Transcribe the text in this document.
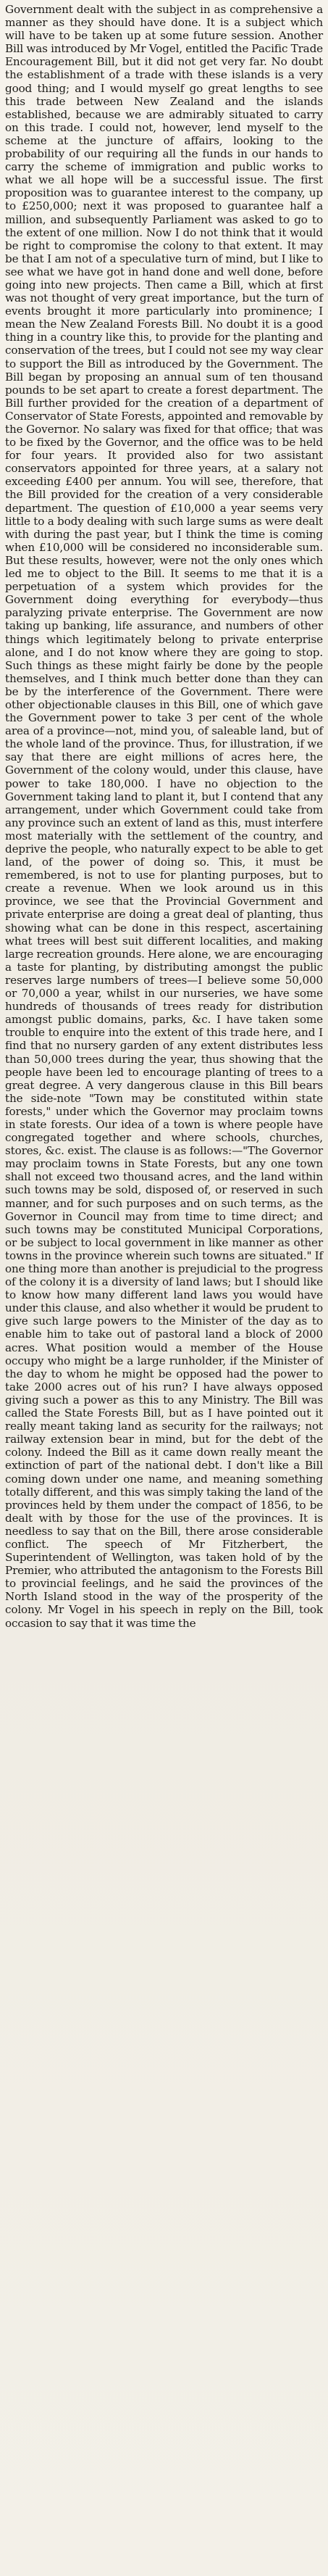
Government dealt with the subject in as comprehensive a manner as they should have done. It is a subject which will have to be taken up at some future session. Another Bill was introduced by Mr Vogel, entitled the Pacific Trade Encouragement Bill, but it did not get very far. No doubt the establishment of a trade with these islands is a very good thing; and I would myself go great lengths to see this trade between New Zealand and the islands established, because we are admirably situated to carry on this trade. I could not, however, lend myself to the scheme at the juncture of affairs, looking to the probability of our requiring all the funds in our hands to carry the scheme of immigration and public works to what we all hope will be a successful issue. The first proposition was to guarantee interest to the company, up to £250,000; next it was proposed to guarantee half a million, and subsequently Parliament was asked to go to the extent of one million. Now I do not think that it would be right to compromise the colony to that extent. It may be that I am not of a speculative turn of mind, but I like to see what we have got in hand done and well done, before going into new projects. Then came a Bill, which at first was not thought of very great importance, but the turn of events brought it more particularly into prominence; I mean the New Zealand Forests Bill. No doubt it is a good thing in a country like this, to provide for the planting and conservation of the trees, but I could not see my way clear to support the Bill as introduced by the Government. The Bill began by proposing an annual sum of ten thousand pounds to be set apart to create a forest department. The Bill further provided for the creation of a department of Conservator of State Forests, appointed and removable by the Governor. No salary was fixed for that office; that was to be fixed by the Governor, and the office was to be held for four years. It provided also for two assistant conservators appointed for three years, at a salary not exceeding £400 per annum. You will see, therefore, that the Bill provided for the creation of a very considerable department. The question of £10,000 a year seems very little to a body dealing with such large sums as were dealt with during the past year, but I think the time is coming when £10,000 will be considered no inconsiderable sum. But these results, however, were not the only ones which led me to object to the Bill. It seems to me that it is a perpetuation of a system which provides for the Government doing everything for everybody—thus paralyzing private enterprise. The Government are now taking up banking, life assurance, and numbers of other things which legitimately belong to private enterprise alone, and I do not know where they are going to stop. Such things as these might fairly be done by the people themselves, and I think much better done than they can be by the interference of the Government. There were other objectionable clauses in this Bill, one of which gave the Government power to take 3 per cent of the whole area of a province—not, mind you, of saleable land, but of the whole land of the province. Thus, for illustration, if we say that there are eight millions of acres here, the Government of the colony would, under this clause, have power to take 180,000. I have no objection to the Government taking land to plant it, but I contend that any arrangement, under which Government could take from any province such an extent of land as this, must interfere most materially with the settlement of the country, and deprive the people, who naturally expect to be able to get land, of the power of doing so. This, it must be remembered, is not to use for planting purposes, but to create a revenue. When we look around us in this province, we see that the Provincial Government and private enterprise are doing a great deal of planting, thus showing what can be done in this respect, ascertaining what trees will best suit different localities, and making large recreation grounds. Here alone, we are encouraging a taste for planting, by distributing amongst the public reserves large numbers of trees—I believe some 50,000 or 70,000 a year, whilst in our nurseries, we have some hundreds of thousands of trees ready for distribution amongst public domains, parks, &c. I have taken some trouble to enquire into the extent of this trade here, and I find that no nursery garden of any extent distributes less than 50,000 trees during the year, thus showing that the people have been led to encourage planting of trees to a great degree. A very dangerous clause in this Bill bears the side-note "Town may be constituted within state forests," under which the Governor may proclaim towns in state forests. Our idea of a town is where people have congregated together and where schools, churches, stores, &c. exist. The clause is as follows:—"The Governor may proclaim towns in State Forests, but any one town shall not exceed two thousand acres, and the land within such towns may be sold, disposed of, or reserved in such manner, and for such purposes and on such terms, as the Governor in Council may from time to time direct; and such towns may be constituted Municipal Corporations, or be subject to local government in like manner as other towns in the province wherein such towns are situated." If one thing more than another is prejudicial to the progress of the colony it is a diversity of land laws; but I should like to know how many different land laws you would have under this clause, and also whether it would be prudent to give such large powers to the Minister of the day as to enable him to take out of pastoral land a block of 2000 acres. What position would a member of the House occupy who might be a large runholder, if the Minister of the day to whom he might be opposed had the power to take 2000 acres out of his run? I have always opposed giving such a power as this to any Ministry. The Bill was called the State Forests Bill, but as I have pointed out it really meant taking land as security for the railways; not railway extension bear in mind, but for the debt of the colony. Indeed the Bill as it came down really meant the extinction of part of the national debt. I don't like a Bill coming down under one name, and meaning something totally different, and this was simply taking the land of the provinces held by them under the compact of 1856, to be dealt with by those for the use of the provinces. It is needless to say that on the Bill, there arose considerable conflict. The speech of Mr Fitzherbert, the Superintendent of Wellington, was taken hold of by the Premier, who attributed the antagonism to the Forests Bill to provincial feelings, and he said the provinces of the North Island stood in the way of the prosperity of the colony. Mr Vogel in his speech in reply on the Bill, took occasion to say that it was time the
